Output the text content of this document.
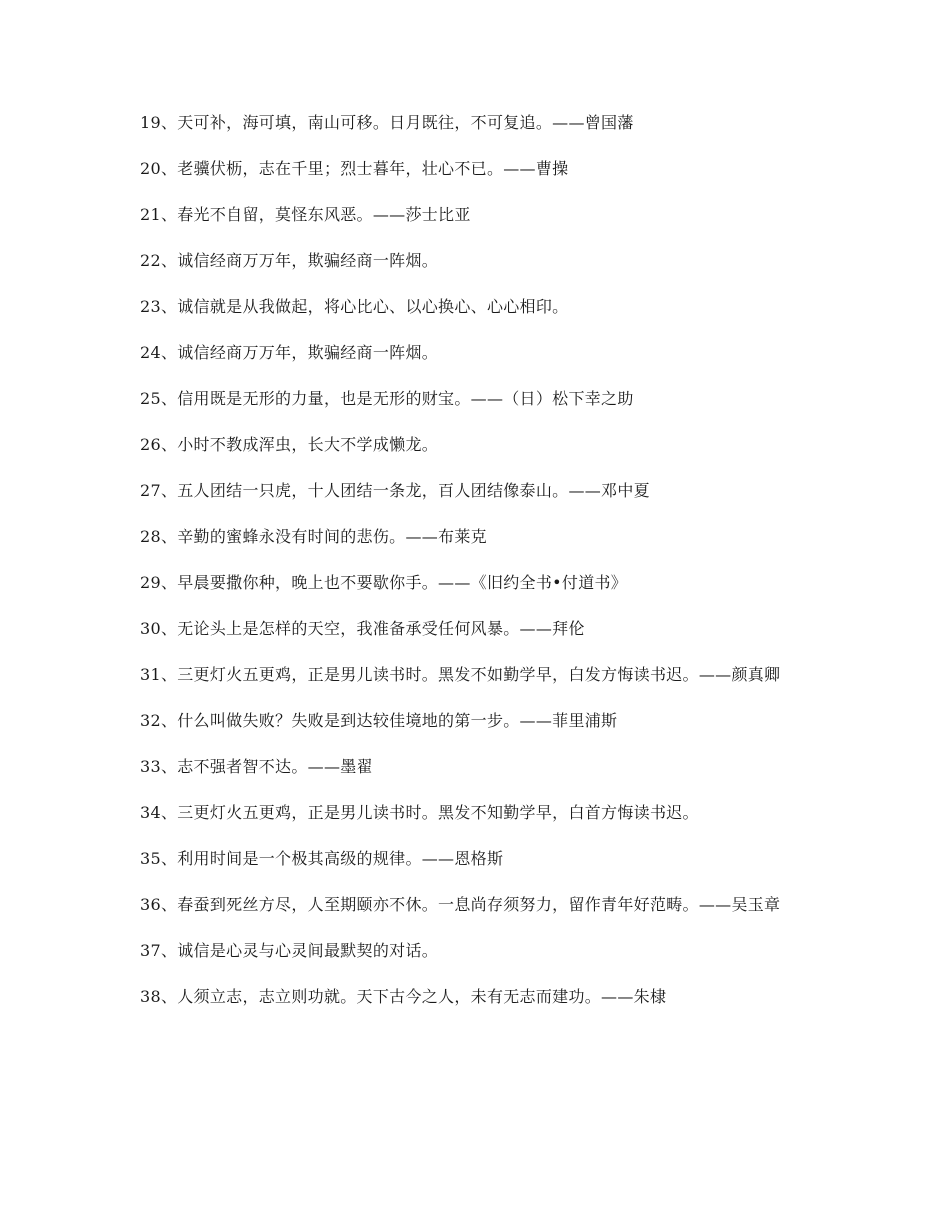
19、天可补，海可填，南山可移。日月既往，不可复追。——曾国藩
20、老骥伏枥，志在千里；烈士暮年，壮心不已。——曹操
21、春光不自留，莫怪东风恶。——莎士比亚
22、诚信经商万万年，欺骗经商一阵烟。
23、诚信就是从我做起，将心比心、以心换心、心心相印。
24、诚信经商万万年，欺骗经商一阵烟。
25、信用既是无形的力量，也是无形的财宝。——（日）松下幸之助
26、小时不教成浑虫，长大不学成懒龙。
27、五人团结一只虎，十人团结一条龙，百人团结像泰山。——邓中夏
28、辛勤的蜜蜂永没有时间的悲伤。——布莱克
29、早晨要撒你种，晚上也不要歇你手。——《旧约全书•付道书》
30、无论头上是怎样的天空，我准备承受任何风暴。——拜伦
31、三更灯火五更鸡，正是男儿读书时。黑发不如勤学早，白发方悔读书迟。——颜真卿
32、什么叫做失败？失败是到达较佳境地的第一步。——菲里浦斯
33、志不强者智不达。——墨翟
34、三更灯火五更鸡，正是男儿读书时。黑发不知勤学早，白首方悔读书迟。
35、利用时间是一个极其高级的规律。——恩格斯
36、春蚕到死丝方尽，人至期颐亦不休。一息尚存须努力，留作青年好范畴。——吴玉章
37、诚信是心灵与心灵间最默契的对话。
38、人须立志，志立则功就。天下古今之人，未有无志而建功。——朱棣
